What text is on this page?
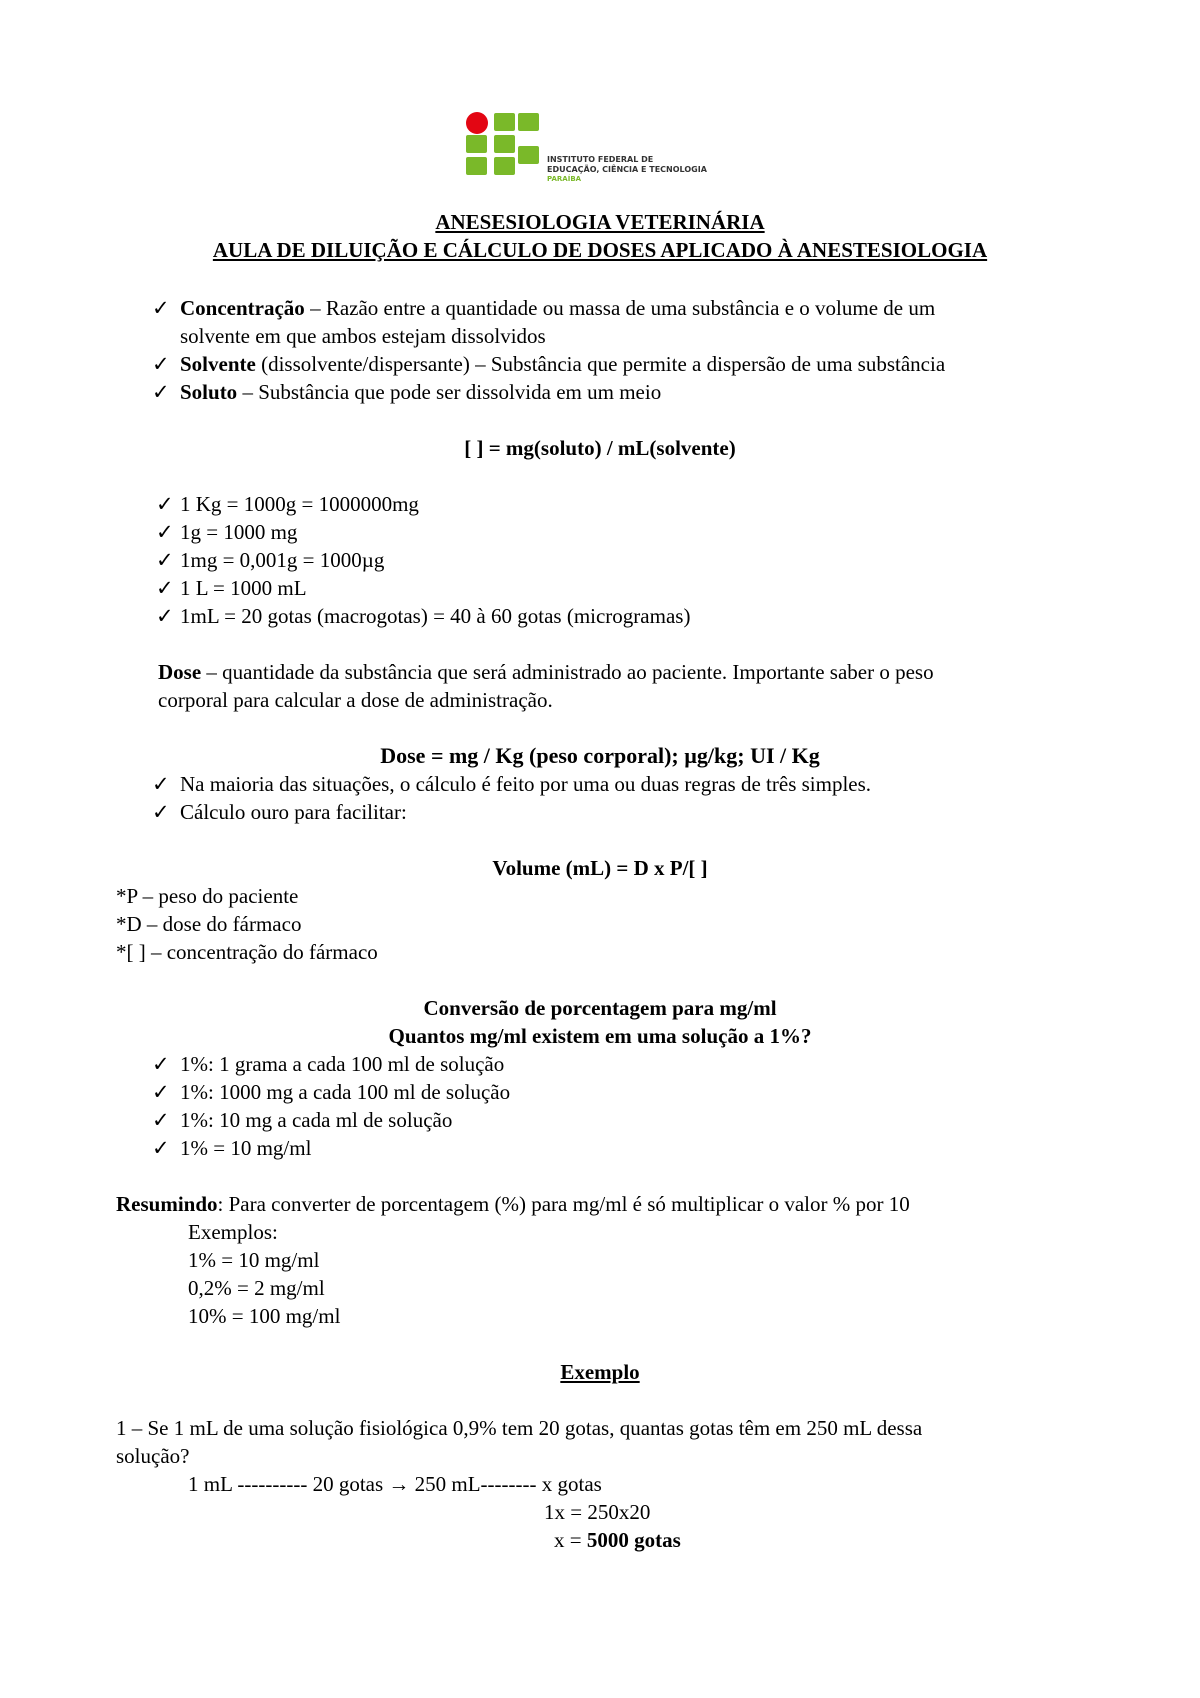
INSTITUTO FEDERAL DE
EDUCAÇÃO, CIÊNCIA E TECNOLOGIA
PARAÍBA
ANESESIOLOGIA VETERINÁRIA
AULA DE DILUIÇÃO E CÁLCULO DE DOSES APLICADO À ANESTESIOLOGIA
✓ Concentração – Razão entre a quantidade ou massa de uma substância e o volume de um
solvente em que ambos estejam dissolvidos
✓ Solvente (dissolvente/dispersante) – Substância que permite a dispersão de uma substância
✓ Soluto – Substância que pode ser dissolvida em um meio
[ ] = mg(soluto) / mL(solvente)
✓ 1 Kg = 1000g = 1000000mg
✓ 1g = 1000 mg
✓ 1mg = 0,001g = 1000µg
✓ 1 L = 1000 mL
✓ 1mL = 20 gotas (macrogotas) = 40 à 60 gotas (microgramas)
Dose – quantidade da substância que será administrado ao paciente. Importante saber o peso
corporal para calcular a dose de administração.
Dose = mg / Kg (peso corporal); µg/kg; UI / Kg
✓ Na maioria das situações, o cálculo é feito por uma ou duas regras de três simples.
✓ Cálculo ouro para facilitar:
Volume (mL) = D x P/[ ]
*P – peso do paciente
*D – dose do fármaco
*[ ] – concentração do fármaco
Conversão de porcentagem para mg/ml
Quantos mg/ml existem em uma solução a 1%?
✓ 1%: 1 grama a cada 100 ml de solução
✓ 1%: 1000 mg a cada 100 ml de solução
✓ 1%: 10 mg a cada ml de solução
✓ 1% = 10 mg/ml
Resumindo: Para converter de porcentagem (%) para mg/ml é só multiplicar o valor % por 10
Exemplos:
1% = 10 mg/ml
0,2% = 2 mg/ml
10% = 100 mg/ml
Exemplo
1 – Se 1 mL de uma solução fisiológica 0,9% tem 20 gotas, quantas gotas têm em 250 mL dessa
solução?
1 mL ---------- 20 gotas → 250 mL-------- x gotas
1x = 250x20
x = 5000 gotas
